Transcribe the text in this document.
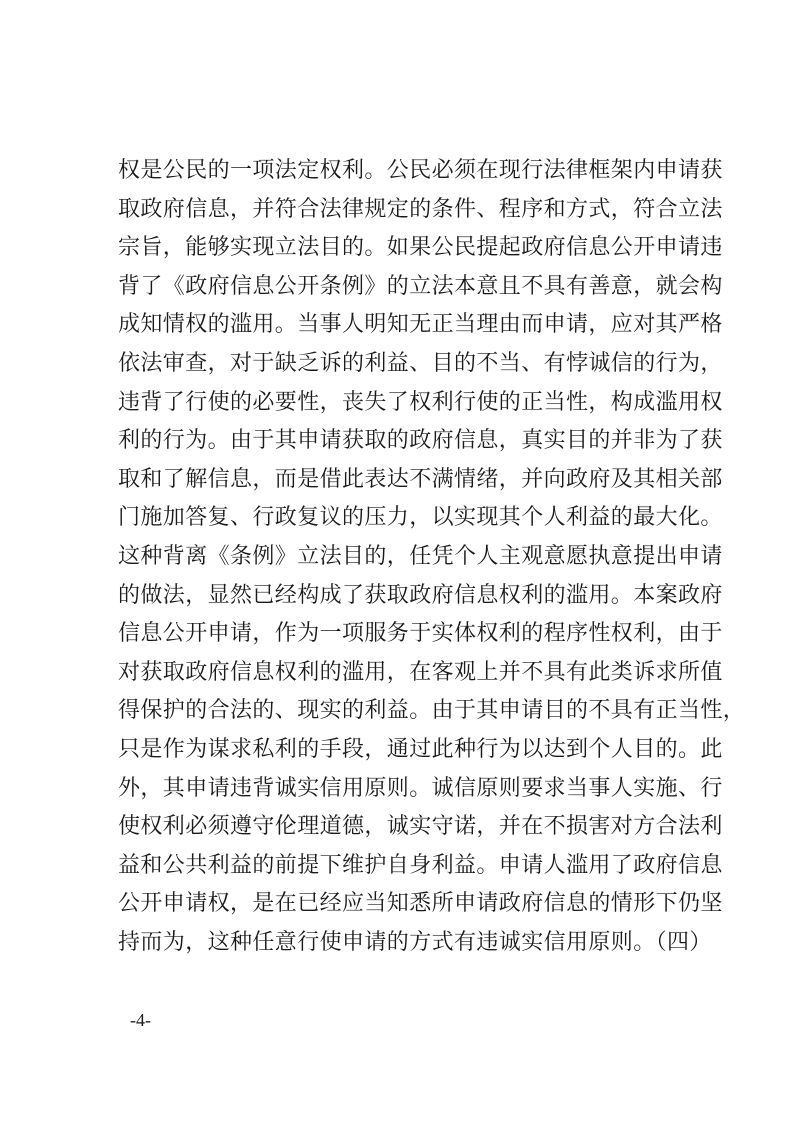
权是公民的一项法定权利。公民必须在现行法律框架内申请获
取政府信息，并符合法律规定的条件、程序和方式，符合立法
宗旨，能够实现立法目的。如果公民提起政府信息公开申请违
背了《政府信息公开条例》的立法本意且不具有善意，就会构
成知情权的滥用。当事人明知无正当理由而申请，应对其严格
依法审查，对于缺乏诉的利益、目的不当、有悖诚信的行为，
违背了行使的必要性，丧失了权利行使的正当性，构成滥用权
利的行为。由于其申请获取的政府信息，真实目的并非为了获
取和了解信息，而是借此表达不满情绪，并向政府及其相关部
门施加答复、行政复议的压力，以实现其个人利益的最大化。
这种背离《条例》立法目的，任凭个人主观意愿执意提出申请
的做法，显然已经构成了获取政府信息权利的滥用。本案政府
信息公开申请，作为一项服务于实体权利的程序性权利，由于
对获取政府信息权利的滥用，在客观上并不具有此类诉求所值
得保护的合法的、现实的利益。由于其申请目的不具有正当性，
只是作为谋求私利的手段，通过此种行为以达到个人目的。此
外，其申请违背诚实信用原则。诚信原则要求当事人实施、行
使权利必须遵守伦理道德，诚实守诺，并在不损害对方合法利
益和公共利益的前提下维护自身利益。申请人滥用了政府信息
公开申请权，是在已经应当知悉所申请政府信息的情形下仍坚
持而为，这种任意行使申请的方式有违诚实信用原则。（四）
-4-
